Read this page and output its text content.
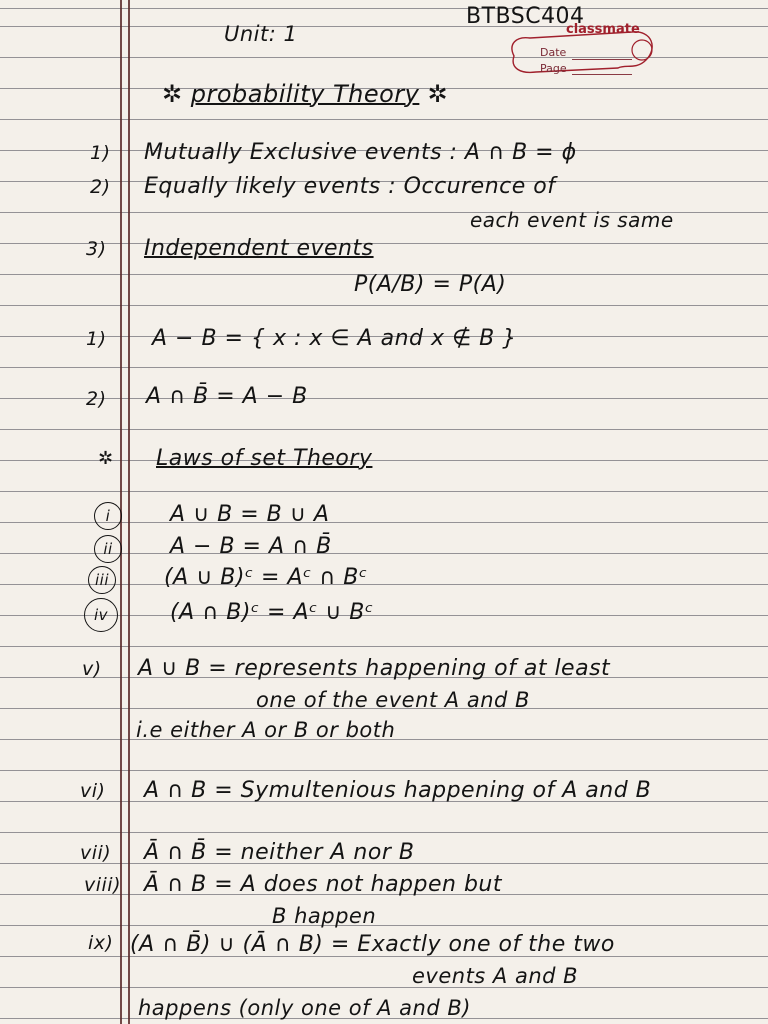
Unit: 1
BTBSC404
classmate
Date
Page
✲ probability Theory ✲
1) Mutually Exclusive events : A ∩ B = ϕ
2) Equally likely events : Occurence of
each event is same
3) Independent events
P(A/B) = P(A)
1) A − B = { x : x ∈ A and x ∉ B }
2) A ∩ B̄ = A − B
✲ Laws of set Theory
i	A ∪ B = B ∪ A
ii	A − B = A ∩ B̄
iii	(A ∪ B)ᶜ = Aᶜ ∩ Bᶜ
iv	(A ∩ B)ᶜ = Aᶜ ∪ Bᶜ
v) A ∪ B = represents happening of at least
one of the event A and B
i.e either A or B or both
vi) A ∩ B = Symultenious happening of A and B
vii) Ā ∩ B̄ = neither A nor B
viii) Ā ∩ B = A does not happen but
B happen
ix) (A ∩ B̄) ∪ (Ā ∩ B) = Exactly one of the two
events A and B
happens (only one of A and B)
